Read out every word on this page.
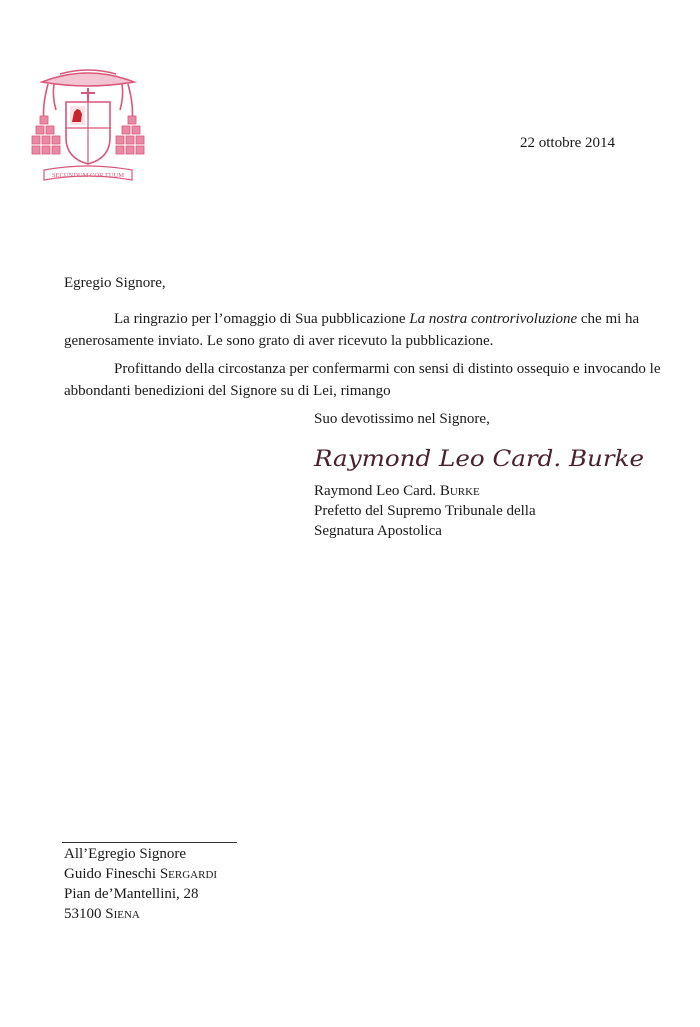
SECUNDUM COR TUUM
22 ottobre 2014
Egregio Signore,
La ringrazio per l’omaggio di Sua pubblicazione La nostra controrivoluzione che mi ha generosamente inviato. Le sono grato di aver ricevuto la pubblicazione.
Profittando della circostanza per confermarmi con sensi di distinto ossequio e invocando le abbondanti benedizioni del Signore su di Lei, rimango
Suo devotissimo nel Signore,
Raymond Leo Card. Burke
Raymond Leo Card. Burke
Prefetto del Supremo Tribunale della
Segnatura Apostolica
All’Egregio Signore
Guido Fineschi Sergardi
Pian de’Mantellini, 28
53100 Siena
